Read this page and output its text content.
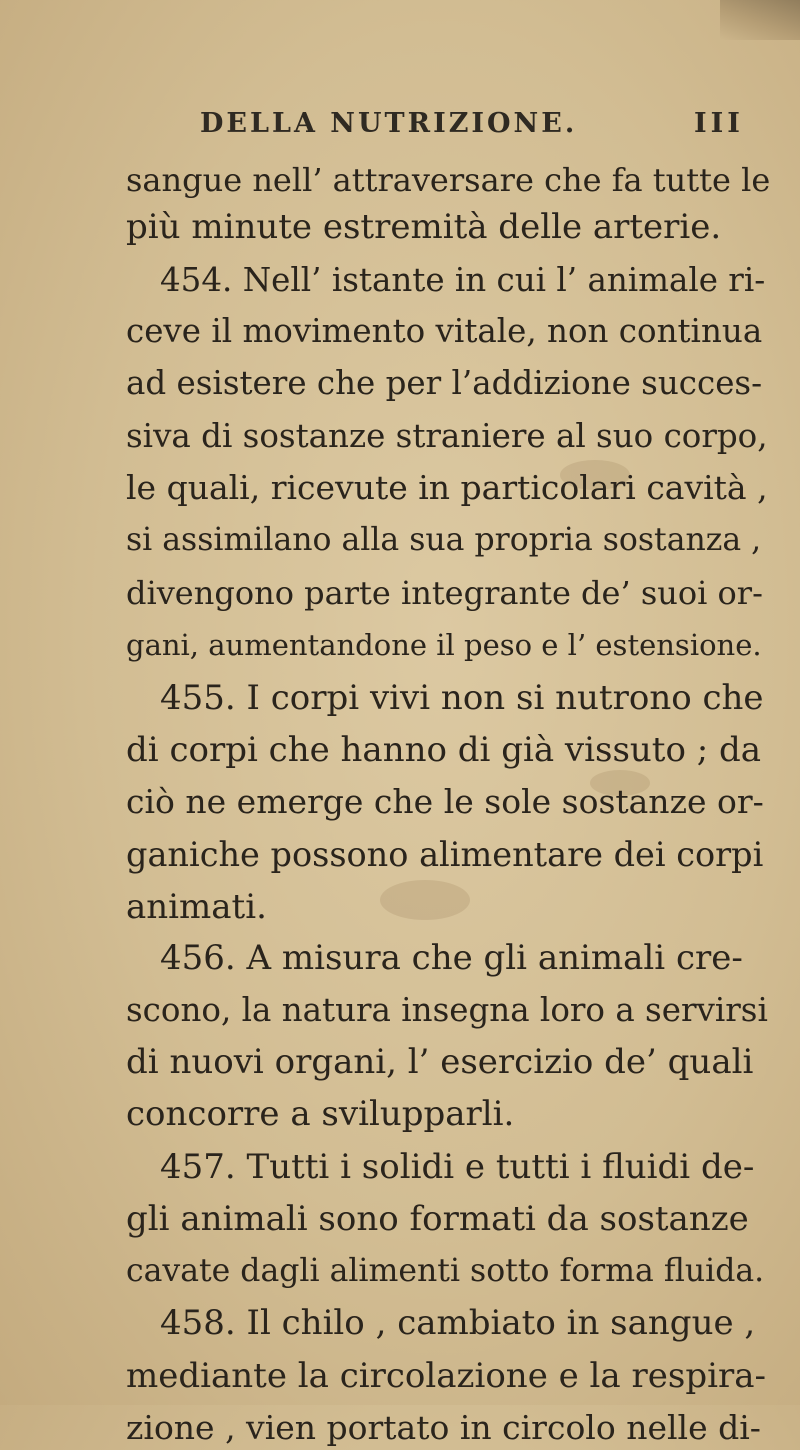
DELLA NUTRIZIONE.	III
sangue nell’ attraversare che fa tutte le
più minute estremità delle arterie.
454. Nell’ istante in cui l’ animale ri-
ceve il movimento vitale, non continua
ad esistere che per l’addizione succes-
siva di sostanze straniere al suo corpo,
le quali, ricevute in particolari cavità ,
si assimilano alla sua propria sostanza ,
divengono parte integrante de’ suoi or-
gani, aumentandone il peso e l’ estensione.
455. I corpi vivi non si nutrono che
di corpi che hanno di già vissuto ; da
ciò ne emerge che le sole sostanze or-
ganiche possono alimentare dei corpi
animati.
456. A misura che gli animali cre-
scono, la natura insegna loro a servirsi
di nuovi organi, l’ esercizio de’ quali
concorre a svilupparli.
457. Tutti i solidi e tutti i fluidi de-
gli animali sono formati da sostanze
cavate dagli alimenti sotto forma fluida.
458. Il chilo , cambiato in sangue ,
mediante la circolazione e la respira-
zione , vien portato in circolo nelle di-
